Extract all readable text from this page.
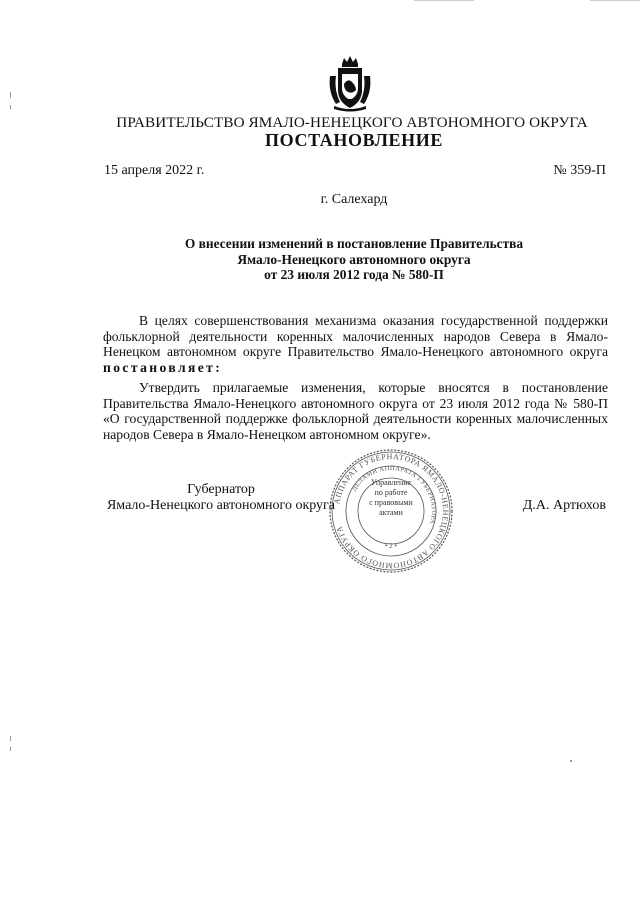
ПРАВИТЕЛЬСТВО ЯМАЛО-НЕНЕЦКОГО АВТОНОМНОГО ОКРУГА
ПОСТАНОВЛЕНИЕ
15 апреля 2022 г.	№ 359-П
г. Салехард
О внесении изменений в постановление Правительства
Ямало-Ненецкого автономного округа
от 23 июля 2012 года № 580-П

В целях совершенствования механизма оказания государственной поддержки фольклорной деятельности коренных малочисленных народов Севера в Ямало-Ненецком автономном округе Правительство Ямало-Ненецкого автономного округа постановляет:

Утвердить прилагаемые изменения, которые вносятся в постановление Правительства Ямало-Ненецкого автономного округа от 23 июля 2012 года № 580-П «О государственной поддержке фольклорной деятельности коренных малочисленных народов Севера в Ямало-Ненецком автономном округе».

Губернатор
Ямало-Ненецкого автономного округа	Д.А. Артюхов
АППАРАТ ГУБЕРНАТОРА ЯМАЛО-НЕНЕЦКОГО АВТОНОМНОГО ОКРУГА
ДЕЛАМИ АППАРАТА ГУБЕРНАТОРА
• 2 •
Управление
по работе
с правовыми
актами
